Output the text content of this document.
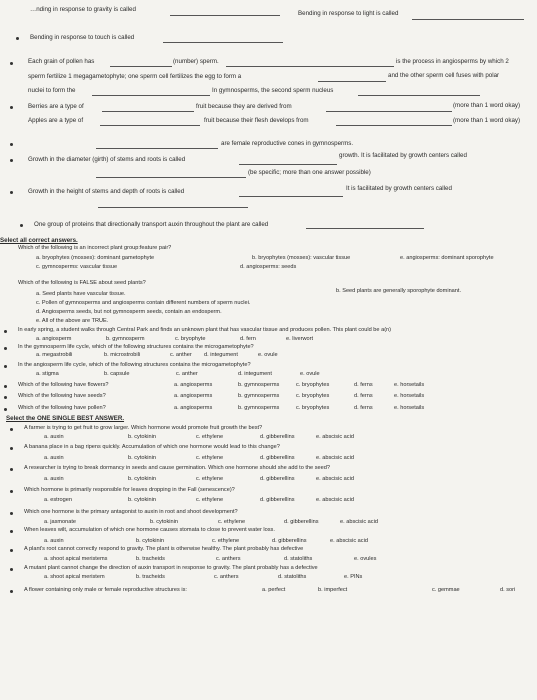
…nding in response to gravity is called
Bending in response to light is called
Bending in response to touch is called
Each grain of pollen has	(number) sperm.	is the process in angiosperms by which 2
sperm fertilize 1 megagametophyte; one sperm cell fertilizes the egg to form a	and the other sperm cell fuses with polar
nuclei to form the	In gymnosperms, the second sperm nucleus
Berries are a type of	fruit because they are derived from	(more than 1 word okay)
Apples are a type of	fruit because their flesh develops from	(more than 1 word okay)
are female reproductive cones in gymnosperms.
Growth in the diameter (girth) of stems and roots is called
growth. It is facilitated by growth centers called
(be specific; more than one answer possible)
Growth in the height of stems and depth of roots is called	It is facilitated by growth centers called
One group of proteins that directionally transport auxin throughout the plant are called
Select all correct answers.
Which of the following is an incorrect plant group:feature pair?
a. bryophytes (mosses): dominant gametophyte	b. bryophytes (mosses): vascular tissue	e. angiosperms: dominant sporophyte
c. gymnosperms: vascular tissue	d. angiosperms: seeds
Which of the following is FALSE about seed plants?
a. Seed plants have vascular tissue.	b. Seed plants are generally sporophyte dominant.
c. Pollen of gymnosperms and angiosperms contain different numbers of sperm nuclei.
d. Angiosperms seeds, but not gymnosperm seeds, contain an endosperm.
e. All of the above are TRUE.
In early spring, a student walks through Central Park and finds an unknown plant that has vascular tissue and produces pollen. This plant could be a(n)
a. angiosperm	b. gymnosperm	c. bryophyte	d. fern	e. liverwort
In the gymnosperm life cycle, which of the following structures contains the microgametophyte?
a. megastrobili	b. microstrobili	c. anther d. integument	e. ovule
In the angiosperm life cycle, which of the following structures contains the microgametophyte?
a. stigma	b. capsule	c. anther	d. integument	e. ovule
Which of the following have flowers?	a. angiosperms	b. gymnosperms	c. bryophytes	d. ferns	e. horsetails
Which of the following have seeds?	a. angiosperms	b. gymnosperms	c. bryophytes	d. ferns	e. horsetails
Which of the following have pollen?	a. angiosperms	b. gymnosperms	c. bryophytes	d. ferns	e. horsetails
Select the ONE SINGLE BEST ANSWER.
A farmer is trying to get fruit to grow larger. Which hormone would promote fruit growth the best?
a. auxin	b. cytokinin	c. ethylene	d. gibberellins	e. abscisic acid
A banana place in a bag ripens quickly. Accumulation of which one hormone would lead to this change?
a. auxin	b. cytokinin	c. ethylene	d. gibberellins	e. abscisic acid
A researcher is trying to break dormancy in seeds and cause germination. Which one hormone should she add to the seed?
a. auxin	b. cytokinin	c. ethylene	d. gibberellins	e. abscisic acid
Which hormone is primarily responsible for leaves dropping in the Fall (senescence)?
a. estrogen	b. cytokinin	c. ethylene	d. gibberellins	e. abscisic acid
Which one hormone is the primary antagonist to auxin in root and shoot development?
a. jasmonate	b. cytokinin	c. ethylene	d. gibberellins	e. abscisic acid
When leaves wilt, accumulation of which one hormone causes stomata to close to prevent water loss.
a. auxin	b. cytokinin	c. ethylene	d. gibberellins	e. abscisic acid
A plant's root cannot correctly respond to gravity. The plant is otherwise healthy. The plant probably has defective
a. shoot apical meristems	b. tracheids	c. anthers	d. statoliths	e. ovules
A mutant plant cannot change the direction of auxin transport in response to gravity. The plant probably has a defective
a. shoot apical meristem	b. tracheids	c. anthers	d. statoliths	e. PINs
A flower containing only male or female reproductive structures is:	a. perfect	b. imperfect	c. gemmae	d. sori
